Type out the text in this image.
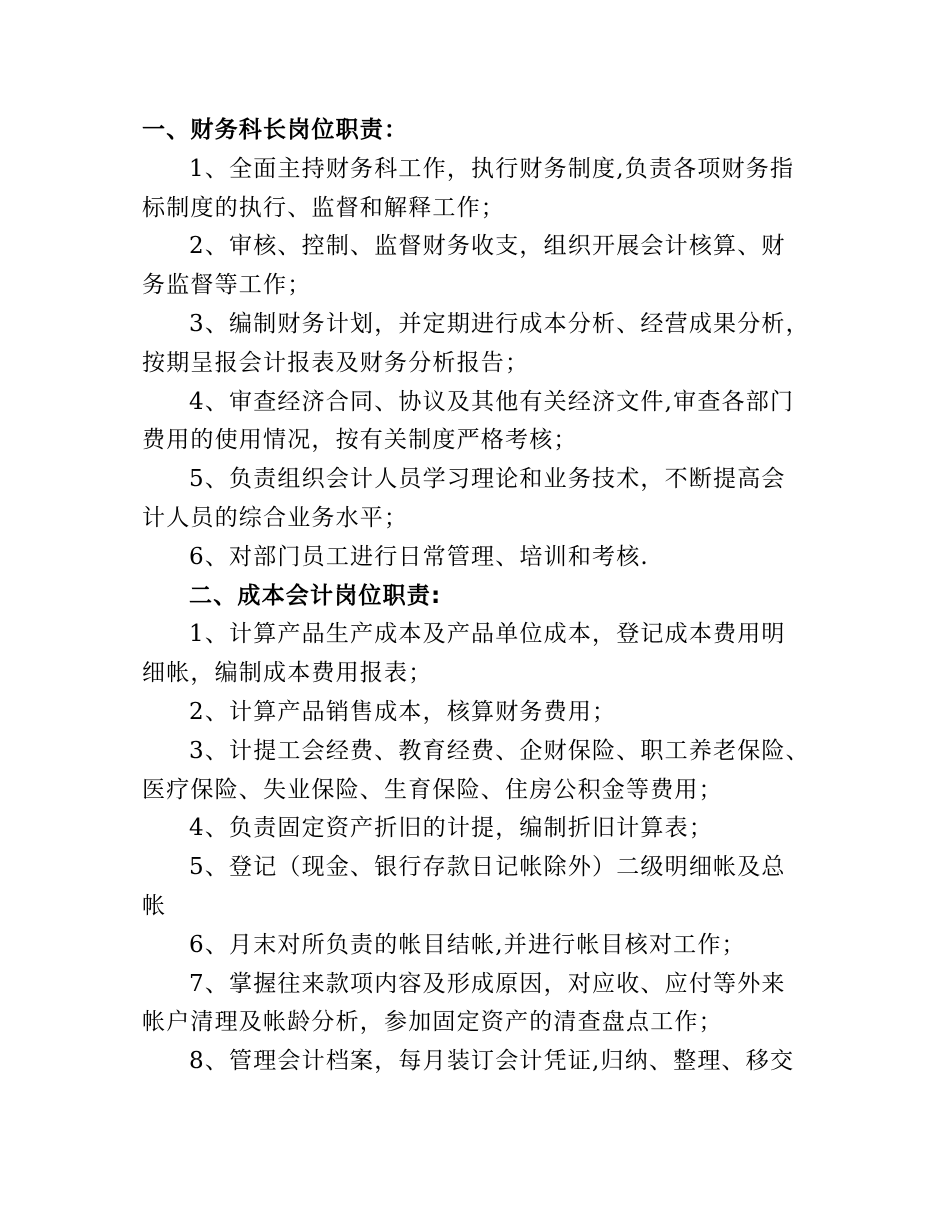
一、财务科长岗位职责：
1、全面主持财务科工作，执行财务制度,负责各项财务指
标制度的执行、监督和解释工作；
2、审核、控制、监督财务收支，组织开展会计核算、财
务监督等工作；
3、编制财务计划，并定期进行成本分析、经营成果分析，
按期呈报会计报表及财务分析报告；
4、审查经济合同、协议及其他有关经济文件,审查各部门
费用的使用情况，按有关制度严格考核；
5、负责组织会计人员学习理论和业务技术，不断提高会
计人员的综合业务水平；
6、对部门员工进行日常管理、培训和考核.
二、成本会计岗位职责:
1、计算产品生产成本及产品单位成本，登记成本费用明
细帐，编制成本费用报表；
2、计算产品销售成本，核算财务费用；
3、计提工会经费、教育经费、企财保险、职工养老保险、
医疗保险、失业保险、生育保险、住房公积金等费用；
4、负责固定资产折旧的计提，编制折旧计算表；
5、登记（现金、银行存款日记帐除外）二级明细帐及总
帐
6、月末对所负责的帐目结帐,并进行帐目核对工作；
7、掌握往来款项内容及形成原因，对应收、应付等外来
帐户清理及帐龄分析，参加固定资产的清查盘点工作；
8、管理会计档案，每月装订会计凭证,归纳、整理、移交
